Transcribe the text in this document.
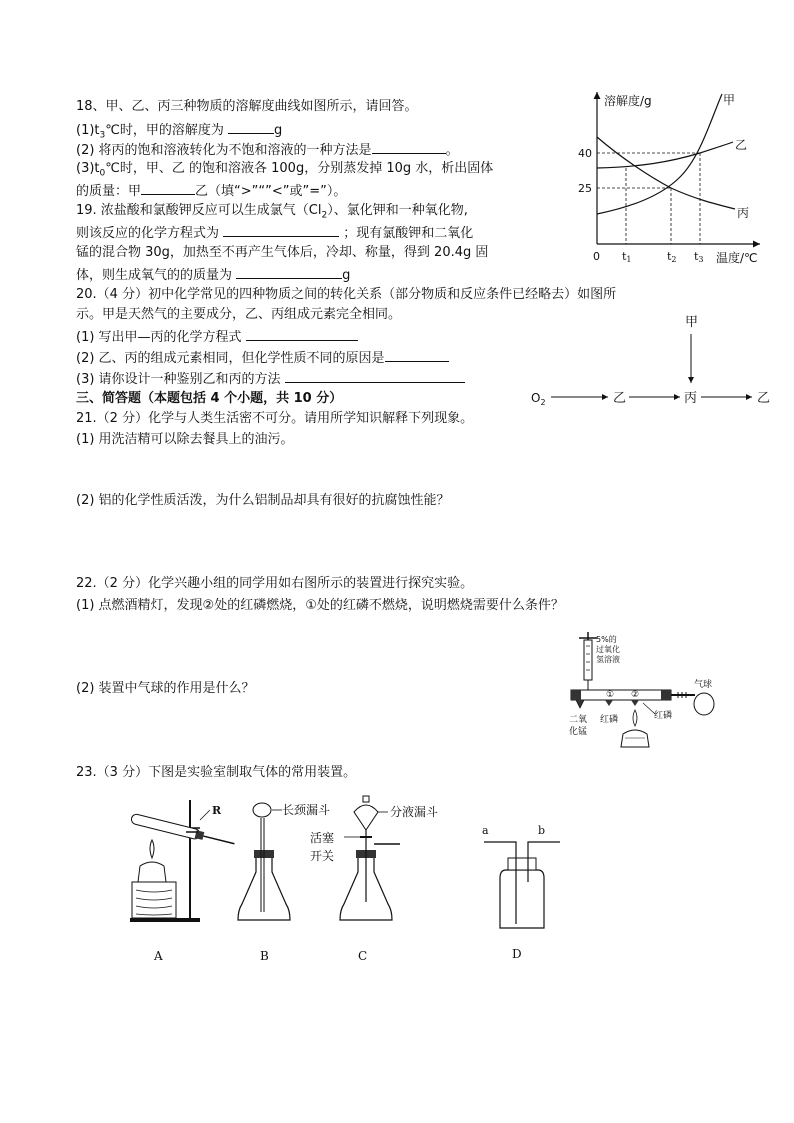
18、甲、乙、丙三种物质的溶解度曲线如图所示，请回答。
$(1)t_3℃$时，甲的溶解度为	g
(2) 将丙的饱和溶液转化为不饱和溶液的一种方法是	。
$(3)t_0℃$时，甲、乙 的饱和溶液各 100g，分别蒸发掉 10g 水，析出固体
的质量：甲	乙（填“>”“”<”或”=”）。
19. 浓盐酸和氯酸钾反应可以生成氯气$(Cl_2)$、氯化钾和一种氧化物,
则该反应的化学方程式为	；现有氯酸钾和二氧化
锰的混合物 30g，加热至不再产生气体后，冷却、称量，得到 20.4g 固
体，则生成氧气的的质量为	g
20.（4 分）初中化学常见的四种物质之间的转化关系（部分物质和反应条件已经略去）如图所
示。甲是天然气的主要成分，乙、丙组成元素完全相同。
(1) 写出甲—丙的化学方程式
(2) 乙、丙的组成元素相同，但化学性质不同的原因是
(3) 请你设计一种鉴别乙和丙的方法
三、简答题（本题包括 4 个小题，共 10 分）
21.（2 分）化学与人类生活密不可分。请用所学知识解释下列现象。
(1) 用洗洁精可以除去餐具上的油污。
(2) 铝的化学性质活泼，为什么铝制品却具有很好的抗腐蚀性能？
22.（2 分）化学兴趣小组的同学用如右图所示的装置进行探究实验。
(1) 点燃酒精灯，发现②处的红磷燃烧，①处的红磷不燃烧，说明燃烧需要什么条件？
(2) 装置中气球的作用是什么？
23.（3 分）下图是实验室制取气体的常用装置。
溶解度/g
温度/℃
0
40
25
t1	t2 t3
甲
乙
丙
甲
$O_2$	乙	丙	乙
5%的
过氧化
氢溶液
气球
① ②
二氧
化锰
红磷	红磷
R	长颈漏斗	分液漏斗
活塞
开关
a	b
A	B	C	D
